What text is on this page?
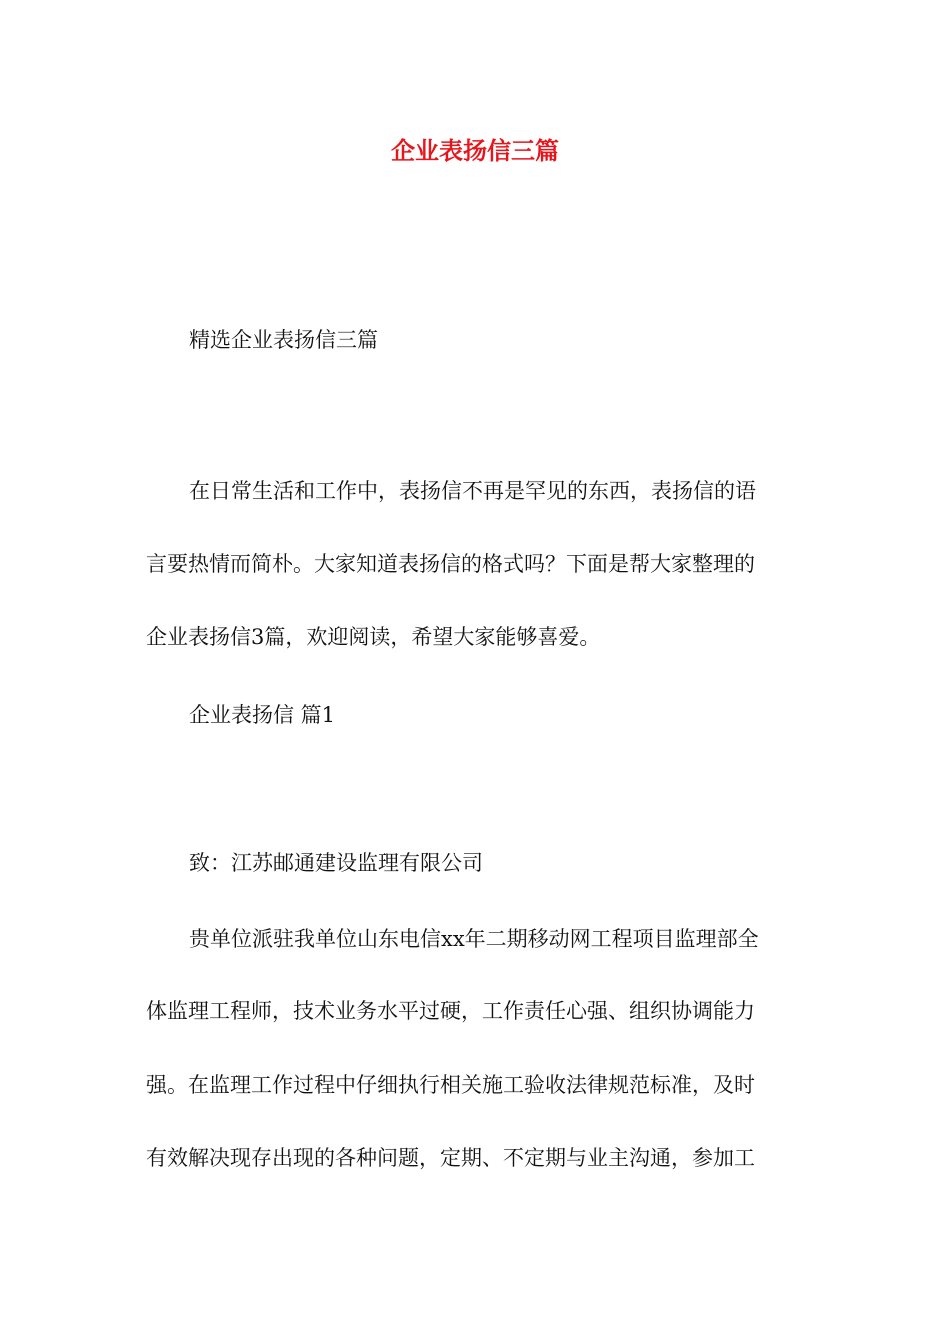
企业表扬信三篇

精选企业表扬信三篇

在日常生活和工作中，表扬信不再是罕见的东西，表扬信的语

言要热情而简朴。大家知道表扬信的格式吗？下面是帮大家整理的

企业表扬信3篇，欢迎阅读，希望大家能够喜爱。

企业表扬信 篇1

致：江苏邮通建设监理有限公司

贵单位派驻我单位山东电信xx年二期移动网工程项目监理部全

体监理工程师，技术业务水平过硬，工作责任心强、组织协调能力

强。在监理工作过程中仔细执行相关施工验收法律规范标准，及时

有效解决现存出现的各种问题，定期、不定期与业主沟通，参加工
